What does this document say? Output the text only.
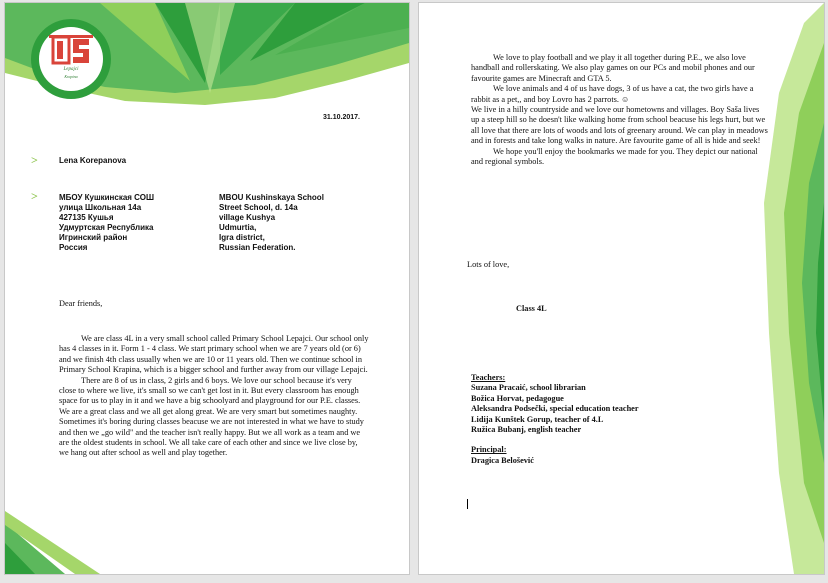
Lepajci
Krapina
31.10.2017.
>	Lena Korepanova
>	МБОУ Кушкинская СОШ
улица Школьная 14а
427135 Кушья
Удмуртская Республика
Игринский район
Россия
MBOU Kushinskaya School
Street School, d. 14a
village Kushya
Udmurtia,
Igra district,
Russian Federation.
Dear friends,

We are class 4L in a very small school called Primary School Lepajci. Our school only has 4 classes in it. Form 1 - 4 class. We start primary school when we are 7 years old (or 6) and we finish 4th class usually when we are 10 or 11 years old. Then we continue school in Primary School Krapina, which is a bigger school and further away from our village Lepajci.

There are 8 of us in class, 2 girls and 6 boys. We love our school because it's very close to where we live, it's small so we can't get lost in it. But every classroom has enough space for us to play in it and we have a big schoolyard and playground for our P.E. classes. We are a great class and we all get along great. We are very smart but sometimes naughty. Sometimes it's boring during classes beacuse we are not interested in what we have to study and then we „go wild" and the teacher isn't really happy. But we all work as a team and we are the oldest students in school. We all take care of each other and since we live close by, we hang out after school as well and play together.

We love to play football and we play it all together during P.E., we also love handball and rollerskating. We also play games on our PCs and mobil phones and our favourite games are Minecraft and GTA 5.

We love animals and 4 of us have dogs, 3 of us have a cat, the two girls have a rabbit as a pet,, and boy Lovro has 2 parrots. ☺

We live in a hilly countryside and we love our hometowns and villages. Boy Saša lives up a steep hill so he doesn't like walking home from school beacuse his legs hurt, but we all love that there are lots of woods and lots of greenary around. We can play in meadows and in forests and take long walks in nature. Are favourite game of all is hide and seek!

We hope you'll enjoy the bookmarks we made for you. They depict our national and regional symbols.

Lots of love,
Class 4L
Teachers:
Suzana Pracaić, school librarian
Božica Horvat, pedagogue
Aleksandra Podsečki, special education teacher
Lidija Kunštek Gorup, teacher of 4.L
Ružica Bubanj, english teacher
Principal:
Dragica Belošević
